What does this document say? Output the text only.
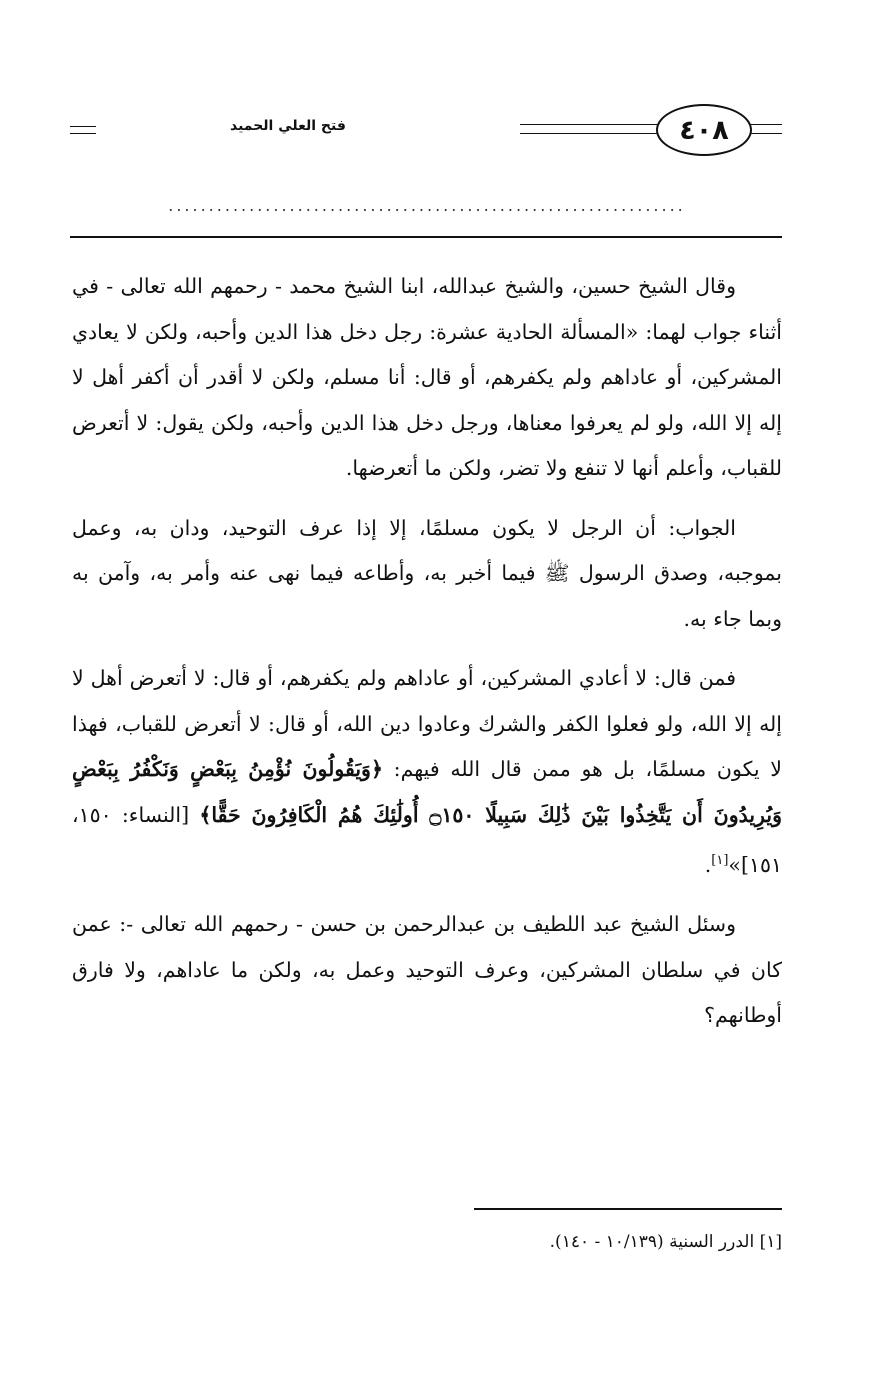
فتح العلي الحميد	٤٠٨
................................................................

وقال الشيخ حسين، والشيخ عبدالله، ابنا الشيخ محمد - رحمهم الله تعالى - في أثناء جواب لهما: «المسألة الحادية عشرة: رجل دخل هذا الدين وأحبه، ولكن لا يعادي المشركين، أو عاداهم ولم يكفرهم، أو قال: أنا مسلم، ولكن لا أقدر أن أكفر أهل لا إله إلا الله، ولو لم يعرفوا معناها، ورجل دخل هذا الدين وأحبه، ولكن يقول: لا أتعرض للقباب، وأعلم أنها لا تنفع ولا تضر، ولكن ما أتعرضها.

الجواب: أن الرجل لا يكون مسلمًا، إلا إذا عرف التوحيد، ودان به، وعمل بموجبه، وصدق الرسول ﷺ فيما أخبر به، وأطاعه فيما نهى عنه وأمر به، وآمن به وبما جاء به.

فمن قال: لا أعادي المشركين، أو عاداهم ولم يكفرهم، أو قال: لا أتعرض أهل لا إله إلا الله، ولو فعلوا الكفر والشرك وعادوا دين الله، أو قال: لا أتعرض للقباب، فهذا لا يكون مسلمًا، بل هو ممن قال الله فيهم: ﴿وَيَقُولُونَ نُؤْمِنُ بِبَعْضٍ وَنَكْفُرُ بِبَعْضٍ وَيُرِيدُونَ أَن يَتَّخِذُوا بَيْنَ ذَٰلِكَ سَبِيلًا ۝١٥٠ أُولَٰئِكَ هُمُ الْكَافِرُونَ حَقًّا﴾ [النساء: ١٥٠، ١٥١]»[١].

وسئل الشيخ عبد اللطيف بن عبدالرحمن بن حسن - رحمهم الله تعالى -: عمن كان في سلطان المشركين، وعرف التوحيد وعمل به، ولكن ما عاداهم، ولا فارق أوطانهم؟

[١] الدرر السنية (١٠/١٣٩ - ١٤٠).
